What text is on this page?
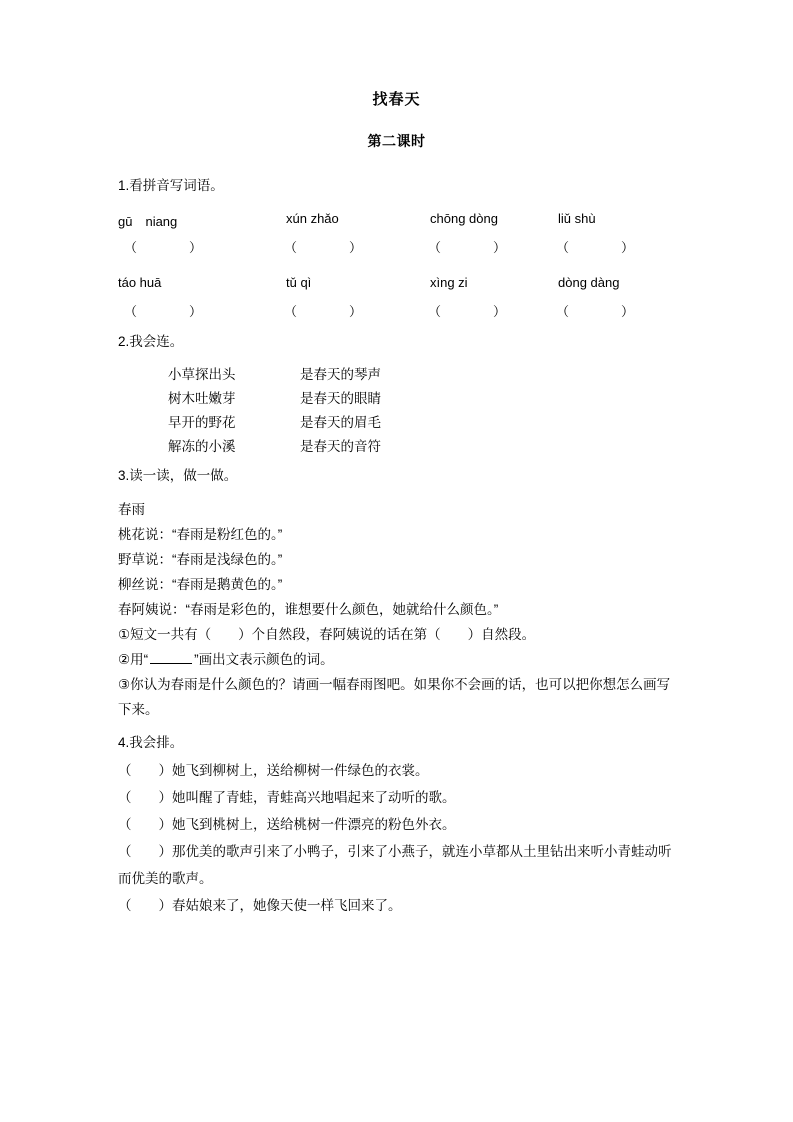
找春天
第二课时
1.看拼音写词语。
gū　niang	xún zhǎo	chōng dòng	liǔ shù
（　　　　）	（　　　　）	（　　　　）	（　　　　）
táo huā	tǔ qì	xìng zi	dòng dàng
（　　　　）	（　　　　）	（　　　　）	（　　　　）
2.我会连。
小草探出头	是春天的琴声
树木吐嫩芽	是春天的眼睛
早开的野花	是春天的眉毛
解冻的小溪	是春天的音符
3.读一读，做一做。
春雨
桃花说：“春雨是粉红色的。”
野草说：“春雨是浅绿色的。”
柳丝说：“春雨是鹅黄色的。”
春阿姨说：“春雨是彩色的，谁想要什么颜色，她就给什么颜色。”
①短文一共有（　　）个自然段，春阿姨说的话在第（　　）自然段。
②用“	”画出文表示颜色的词。
③你认为春雨是什么颜色的？请画一幅春雨图吧。如果你不会画的话，也可以把你想怎么画写下来。
4.我会排。
（　　）她飞到柳树上，送给柳树一件绿色的衣裳。
（　　）她叫醒了青蛙，青蛙高兴地唱起来了动听的歌。
（　　）她飞到桃树上，送给桃树一件漂亮的粉色外衣。
（　　）那优美的歌声引来了小鸭子，引来了小燕子，就连小草都从土里钻出来听小青蛙动听而优美的歌声。
（　　）春姑娘来了，她像天使一样飞回来了。
